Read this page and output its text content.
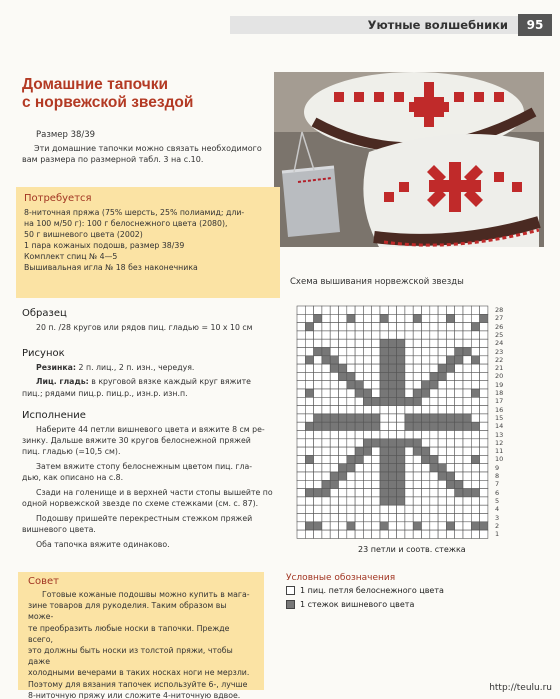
Уютные волшебники	95
Домашние тапочки
с норвежской звездой
Размер 38/39
Эти домашние тапочки можно связать необходимого
вам размера по размерной табл. 3 на с.10.
Потребуется
8-ниточная пряжа (75% шерсть, 25% полиамид; дли-
на 100 м/50 г): 100 г белоснежного цвета (2080),
50 г вишневого цвета (2002)
1 пара кожаных подошв, размер 38/39
Комплект спиц № 4—5
Вышивальная игла № 18 без наконечника
Образец
20 п. /28 кругов или рядов пиц. гладью = 10 х 10 см
Рисунок
Резинка: 2 п. лиц., 2 п. изн., чередуя.
Лиц. гладь: в круговой вязке каждый круг вяжите
пиц.; рядами пиц.р. пиц.р., изн.р. изн.п.
Исполнение
Наберите 44 петли вишневого цвета и вяжите 8 см ре-
зинку. Дальше вяжите 30 кругов белоснежной пряжей
пиц. гладью (=10,5 см).
Затем вяжите стопу белоснежным цветом пиц. гла-
дью, как описано на с.8.
Сзади на голенище и в верхней части стопы вышейте по
одной норвежской звезде по схеме стежками (см. с. 87).
Подошву пришейте перекрестным стежком пряжей
вишневого цвета.
Оба тапочка вяжите одинаково.
Совет
Готовые кожаные подошвы можно купить в мага-
зине товаров для рукоделия. Таким образом вы може-
те преобразить любые носки в тапочки. Прежде всего,
это должны быть носки из толстой пряжи, чтобы даже
холодными вечерами в таких носках ноги не мерзли.
Поэтому для вязания тапочек используйте 6-, лучше
8-ниточную пряжу или сложите 4-ниточную вдвое.
Схема вышивания норвежской звезды
28
27
26
25
24
23
22
21
20
19
18
17
16
15
14
13
12
11
10
9
8
7
6
5
4
3
2
1
23 петли и соотв. стежка
Условные обозначения
1 пиц. петля белоснежного цвета
1 стежок вишневого цвета
http://teulu.ru
